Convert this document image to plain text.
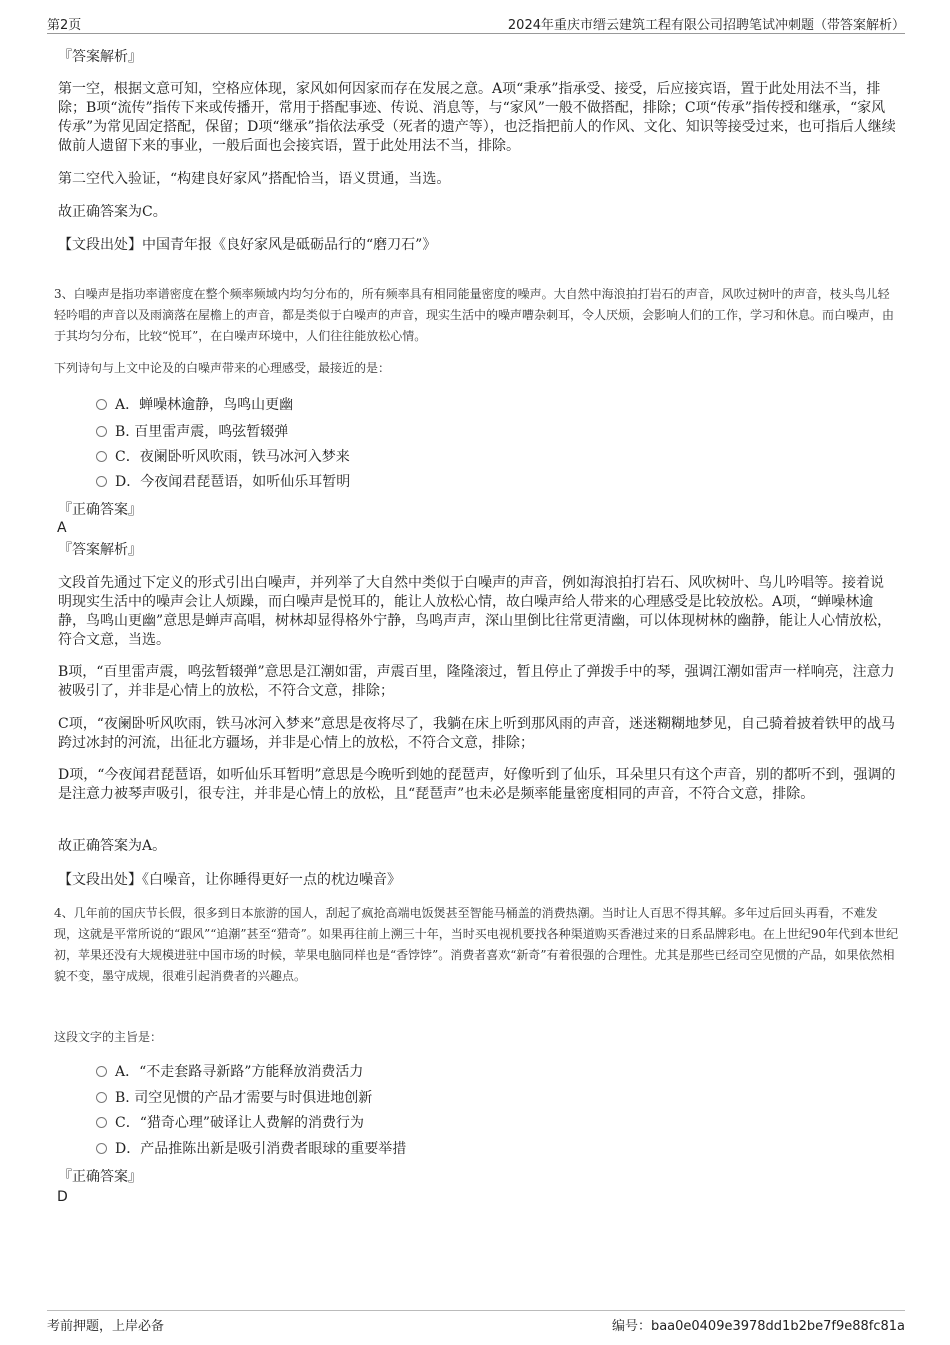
第2页	2024年重庆市缙云建筑工程有限公司招聘笔试冲刺题（带答案解析）
『答案解析』
第一空，根据文意可知，空格应体现，家风如何因家而存在发展之意。A项“秉承”指承受、接受，后应接宾语，置于此处用法不当，排除；B项“流传”指传下来或传播开，常用于搭配事迹、传说、消息等，与“家风”一般不做搭配，排除；C项“传承”指传授和继承，“家风传承”为常见固定搭配，保留；D项“继承”指依法承受（死者的遗产等），也泛指把前人的作风、文化、知识等接受过来，也可指后人继续做前人遗留下来的事业，一般后面也会接宾语，置于此处用法不当，排除。
第二空代入验证，“构建良好家风”搭配恰当，语义贯通，当选。
故正确答案为C。
【文段出处】中国青年报《良好家风是砥砺品行的“磨刀石”》
3、白噪声是指功率谱密度在整个频率频域内均匀分布的，所有频率具有相同能量密度的噪声。大自然中海浪拍打岩石的声音，风吹过树叶的声音，枝头鸟儿轻轻吟唱的声音以及雨滴落在屋檐上的声音，都是类似于白噪声的声音，现实生活中的噪声嘈杂刺耳，令人厌烦，会影响人们的工作，学习和休息。而白噪声，由于其均匀分布，比较“悦耳”，在白噪声环境中，人们往往能放松心情。
下列诗句与上文中论及的白噪声带来的心理感受，最接近的是：
A．蝉噪林逾静，鸟鸣山更幽
B. 百里雷声震，鸣弦暂辍弹
C．夜阑卧听风吹雨，铁马冰河入梦来
D．今夜闻君琵琶语，如听仙乐耳暂明
『正确答案』
A
『答案解析』
文段首先通过下定义的形式引出白噪声，并列举了大自然中类似于白噪声的声音，例如海浪拍打岩石、风吹树叶、鸟儿吟唱等。接着说明现实生活中的噪声会让人烦躁，而白噪声是悦耳的，能让人放松心情，故白噪声给人带来的心理感受是比较放松。A项，“蝉噪林逾静，鸟鸣山更幽”意思是蝉声高唱，树林却显得格外宁静，鸟鸣声声，深山里倒比往常更清幽，可以体现树林的幽静，能让人心情放松，符合文意，当选。
B项，“百里雷声震，鸣弦暂辍弹”意思是江潮如雷，声震百里，隆隆滚过，暂且停止了弹拨手中的琴，强调江潮如雷声一样响亮，注意力被吸引了，并非是心情上的放松，不符合文意，排除；
C项，“夜阑卧听风吹雨，铁马冰河入梦来”意思是夜将尽了，我躺在床上听到那风雨的声音，迷迷糊糊地梦见，自己骑着披着铁甲的战马跨过冰封的河流，出征北方疆场，并非是心情上的放松，不符合文意，排除；
D项，“今夜闻君琵琶语，如听仙乐耳暂明”意思是今晚听到她的琵琶声，好像听到了仙乐，耳朵里只有这个声音，别的都听不到，强调的是注意力被琴声吸引，很专注，并非是心情上的放松，且“琵琶声”也未必是频率能量密度相同的声音，不符合文意，排除。
故正确答案为A。
【文段出处】《白噪音，让你睡得更好一点的枕边噪音》
4、几年前的国庆节长假，很多到日本旅游的国人，刮起了疯抢高端电饭煲甚至智能马桶盖的消费热潮。当时让人百思不得其解。多年过后回头再看，不难发现，这就是平常所说的“跟风”“追潮”甚至“猎奇”。如果再往前上溯三十年，当时买电视机要找各种渠道购买香港过来的日系品牌彩电。在上世纪90年代到本世纪初，苹果还没有大规模进驻中国市场的时候，苹果电脑同样也是“香饽饽”。消费者喜欢“新奇”有着很强的合理性。尤其是那些已经司空见惯的产品，如果依然相貌不变，墨守成规，很难引起消费者的兴趣点。
这段文字的主旨是：
A．“不走套路寻新路”方能释放消费活力
B. 司空见惯的产品才需要与时俱进地创新
C．“猎奇心理”破译让人费解的消费行为
D．产品推陈出新是吸引消费者眼球的重要举措
『正确答案』
D
考前押题，上岸必备	编号：baa0e0409e3978dd1b2be7f9e88fc81a
